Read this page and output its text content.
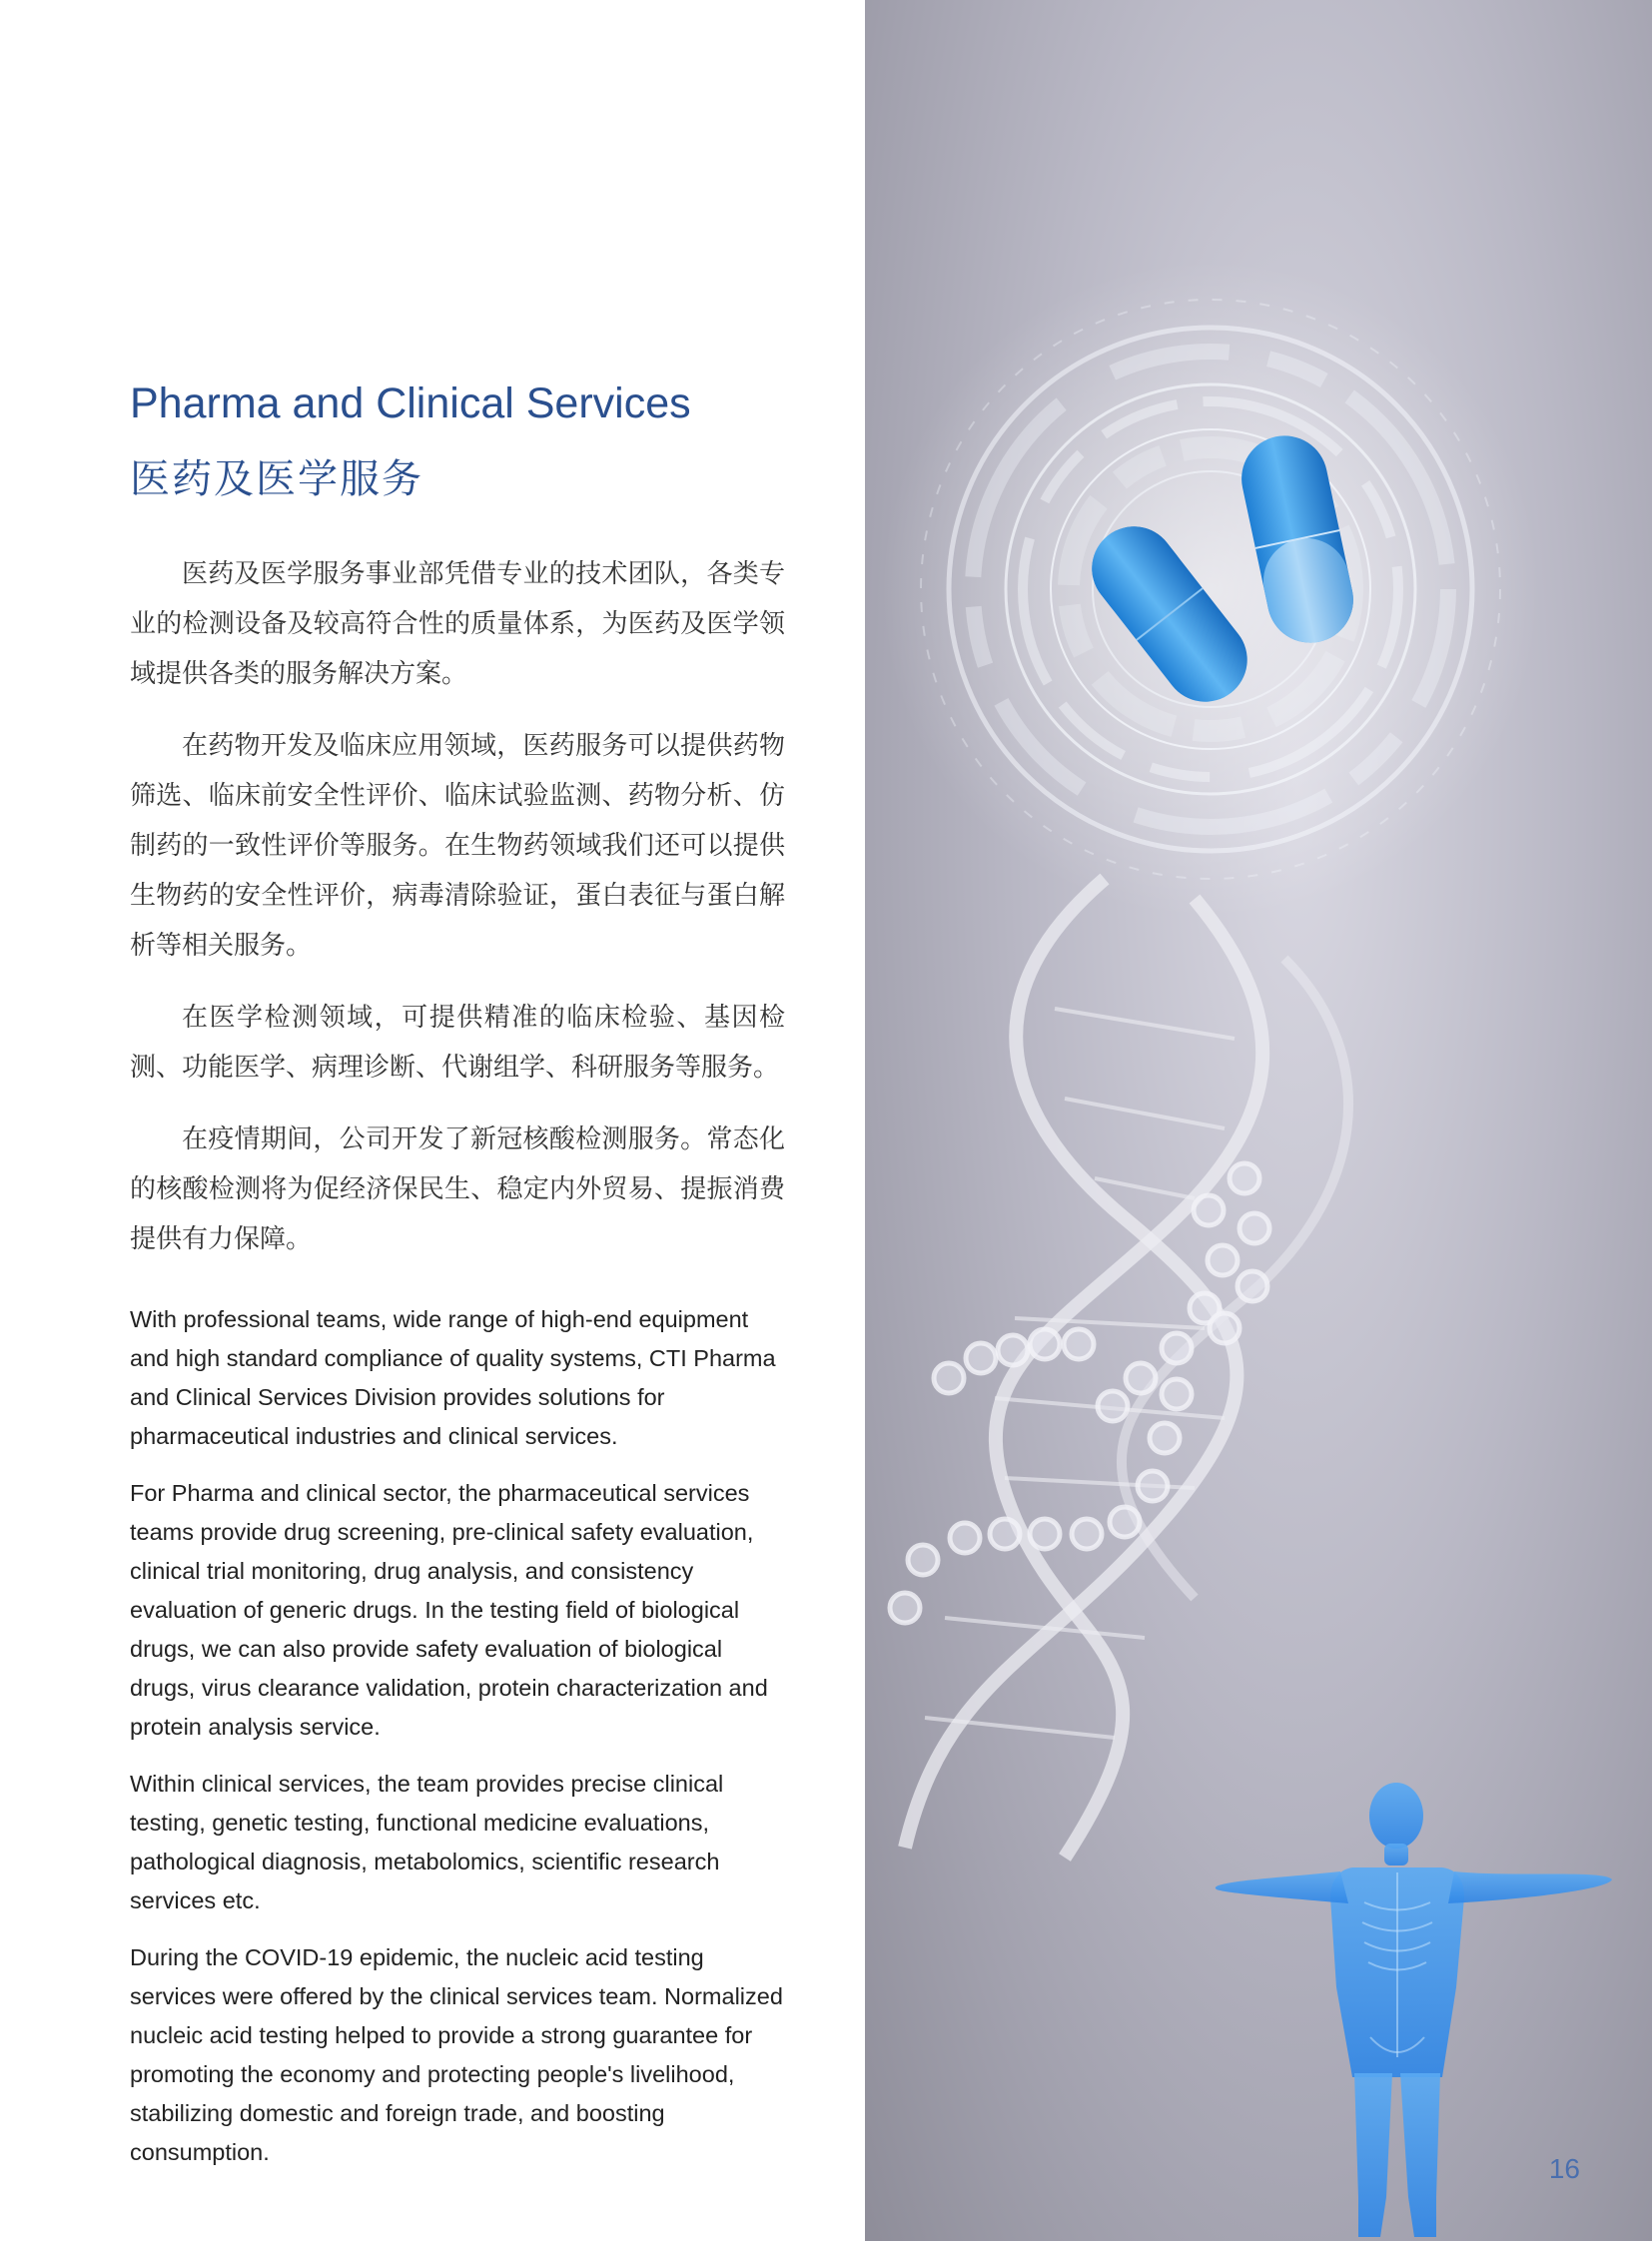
Pharma and Clinical Services
医药及医学服务

医药及医学服务事业部凭借专业的技术团队，各类专业的检测设备及较高符合性的质量体系，为医药及医学领域提供各类的服务解决方案。

在药物开发及临床应用领域，医药服务可以提供药物筛选、临床前安全性评价、临床试验监测、药物分析、仿制药的一致性评价等服务。在生物药领域我们还可以提供生物药的安全性评价，病毒清除验证，蛋白表征与蛋白解析等相关服务。

在医学检测领域，可提供精准的临床检验、基因检测、功能医学、病理诊断、代谢组学、科研服务等服务。

在疫情期间，公司开发了新冠核酸检测服务。常态化的核酸检测将为促经济保民生、稳定内外贸易、提振消费提供有力保障。

With professional teams, wide range of high-end equipment and high standard compliance of quality systems, CTI Pharma and Clinical Services Division provides solutions for pharmaceutical industries and clinical services.

For Pharma and clinical sector, the pharmaceutical services teams provide drug screening, pre-clinical safety evaluation, clinical trial monitoring, drug analysis, and consistency evaluation of generic drugs. In the testing field of biological drugs, we can also provide safety evaluation of biological drugs, virus clearance validation, protein characterization and protein analysis service.

Within clinical services, the team provides precise clinical testing, genetic testing, functional medicine evaluations, pathological diagnosis, metabolomics, scientific research services etc.

During the COVID-19 epidemic, the nucleic acid testing services were offered by the clinical services team. Normalized nucleic acid testing helped to provide a strong guarantee for promoting the economy and protecting people's livelihood, stabilizing domestic and foreign trade, and boosting consumption.

16
